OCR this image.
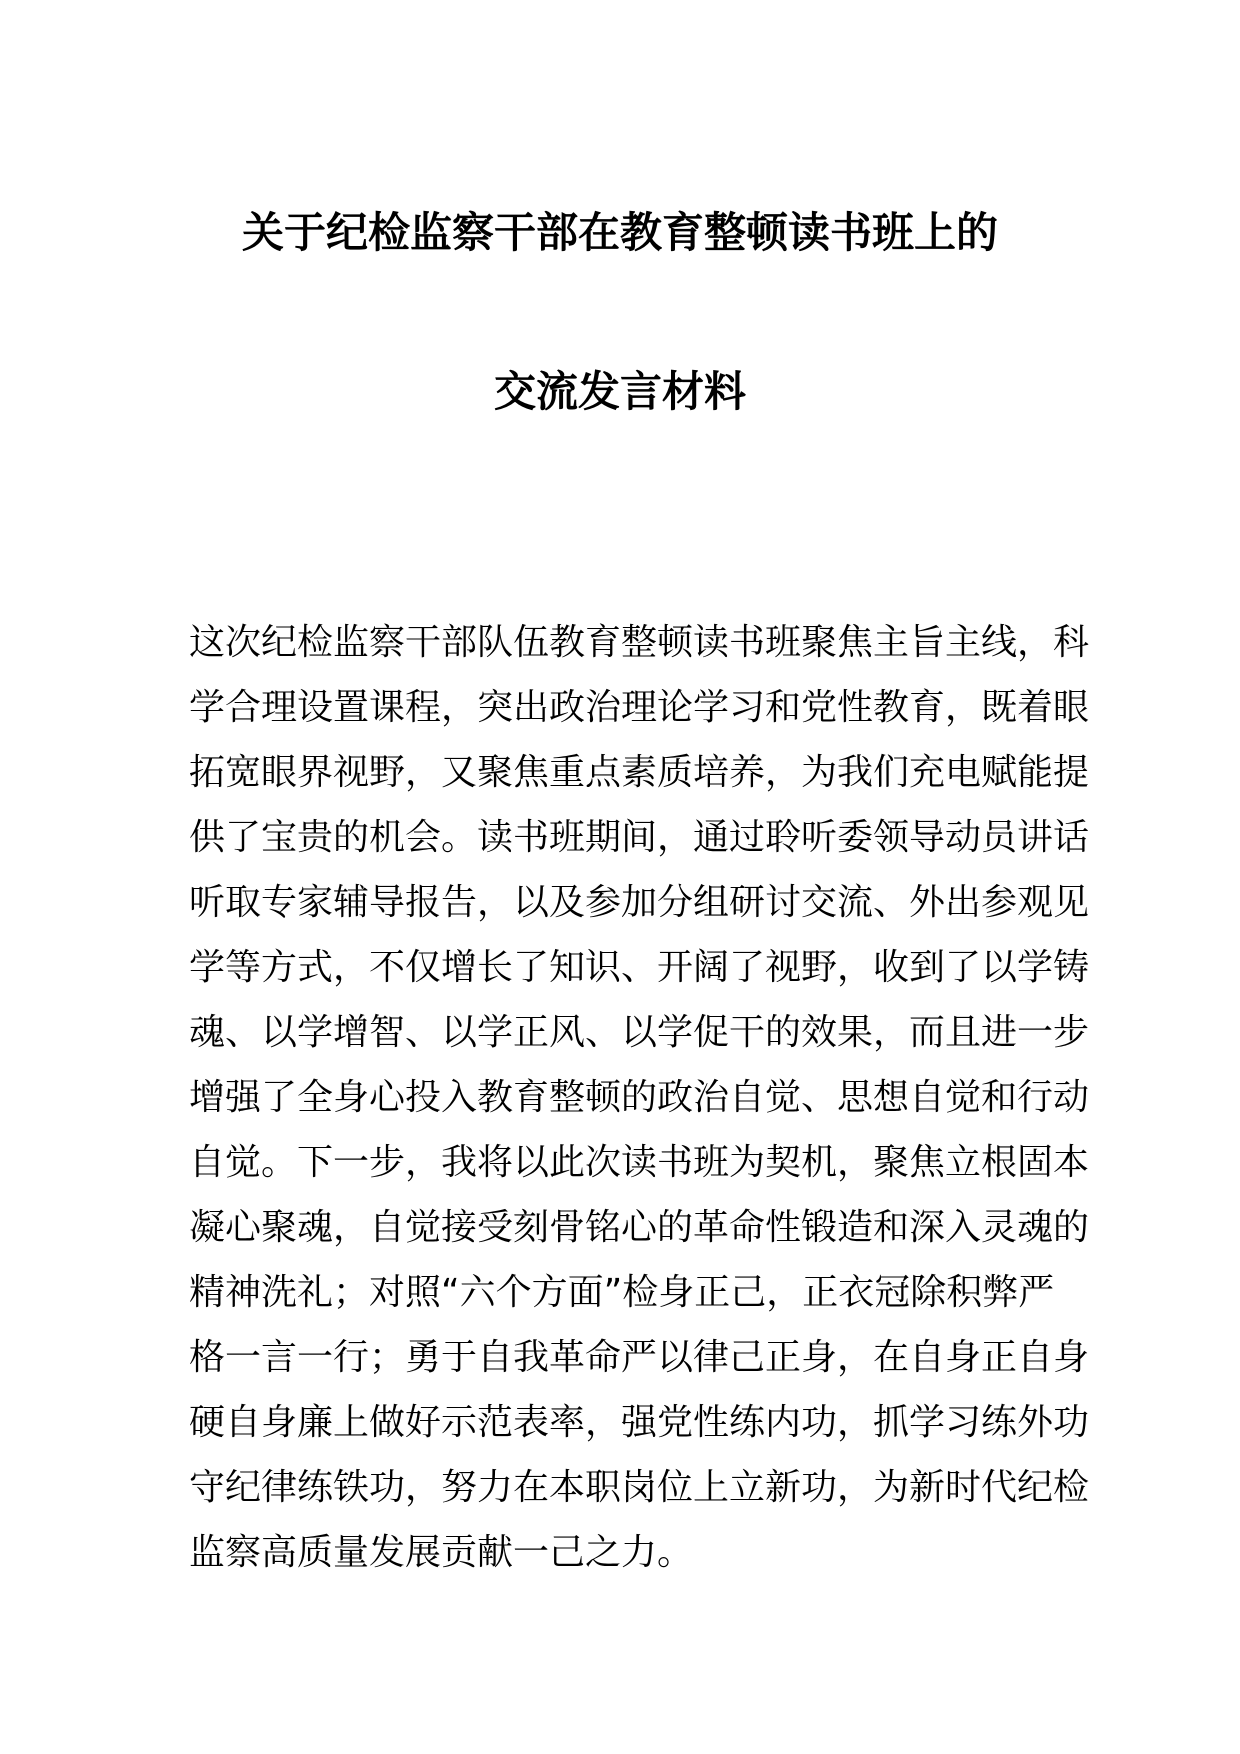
关于纪检监察干部在教育整顿读书班上的
交流发言材料
这次纪检监察干部队伍教育整顿读书班聚焦主旨主线，科
学合理设置课程，突出政治理论学习和党性教育，既着眼
拓宽眼界视野，又聚焦重点素质培养，为我们充电赋能提
供了宝贵的机会。读书班期间，通过聆听委领导动员讲话
听取专家辅导报告，以及参加分组研讨交流、外出参观见
学等方式，不仅增长了知识、开阔了视野，收到了以学铸
魂、以学增智、以学正风、以学促干的效果，而且进一步
增强了全身心投入教育整顿的政治自觉、思想自觉和行动
自觉。下一步，我将以此次读书班为契机，聚焦立根固本
凝心聚魂，自觉接受刻骨铭心的革命性锻造和深入灵魂的
精神洗礼；对照“六个方面”检身正己，正衣冠除积弊严
格一言一行；勇于自我革命严以律己正身，在自身正自身
硬自身廉上做好示范表率，强党性练内功，抓学习练外功
守纪律练铁功，努力在本职岗位上立新功，为新时代纪检
监察高质量发展贡献一己之力。
